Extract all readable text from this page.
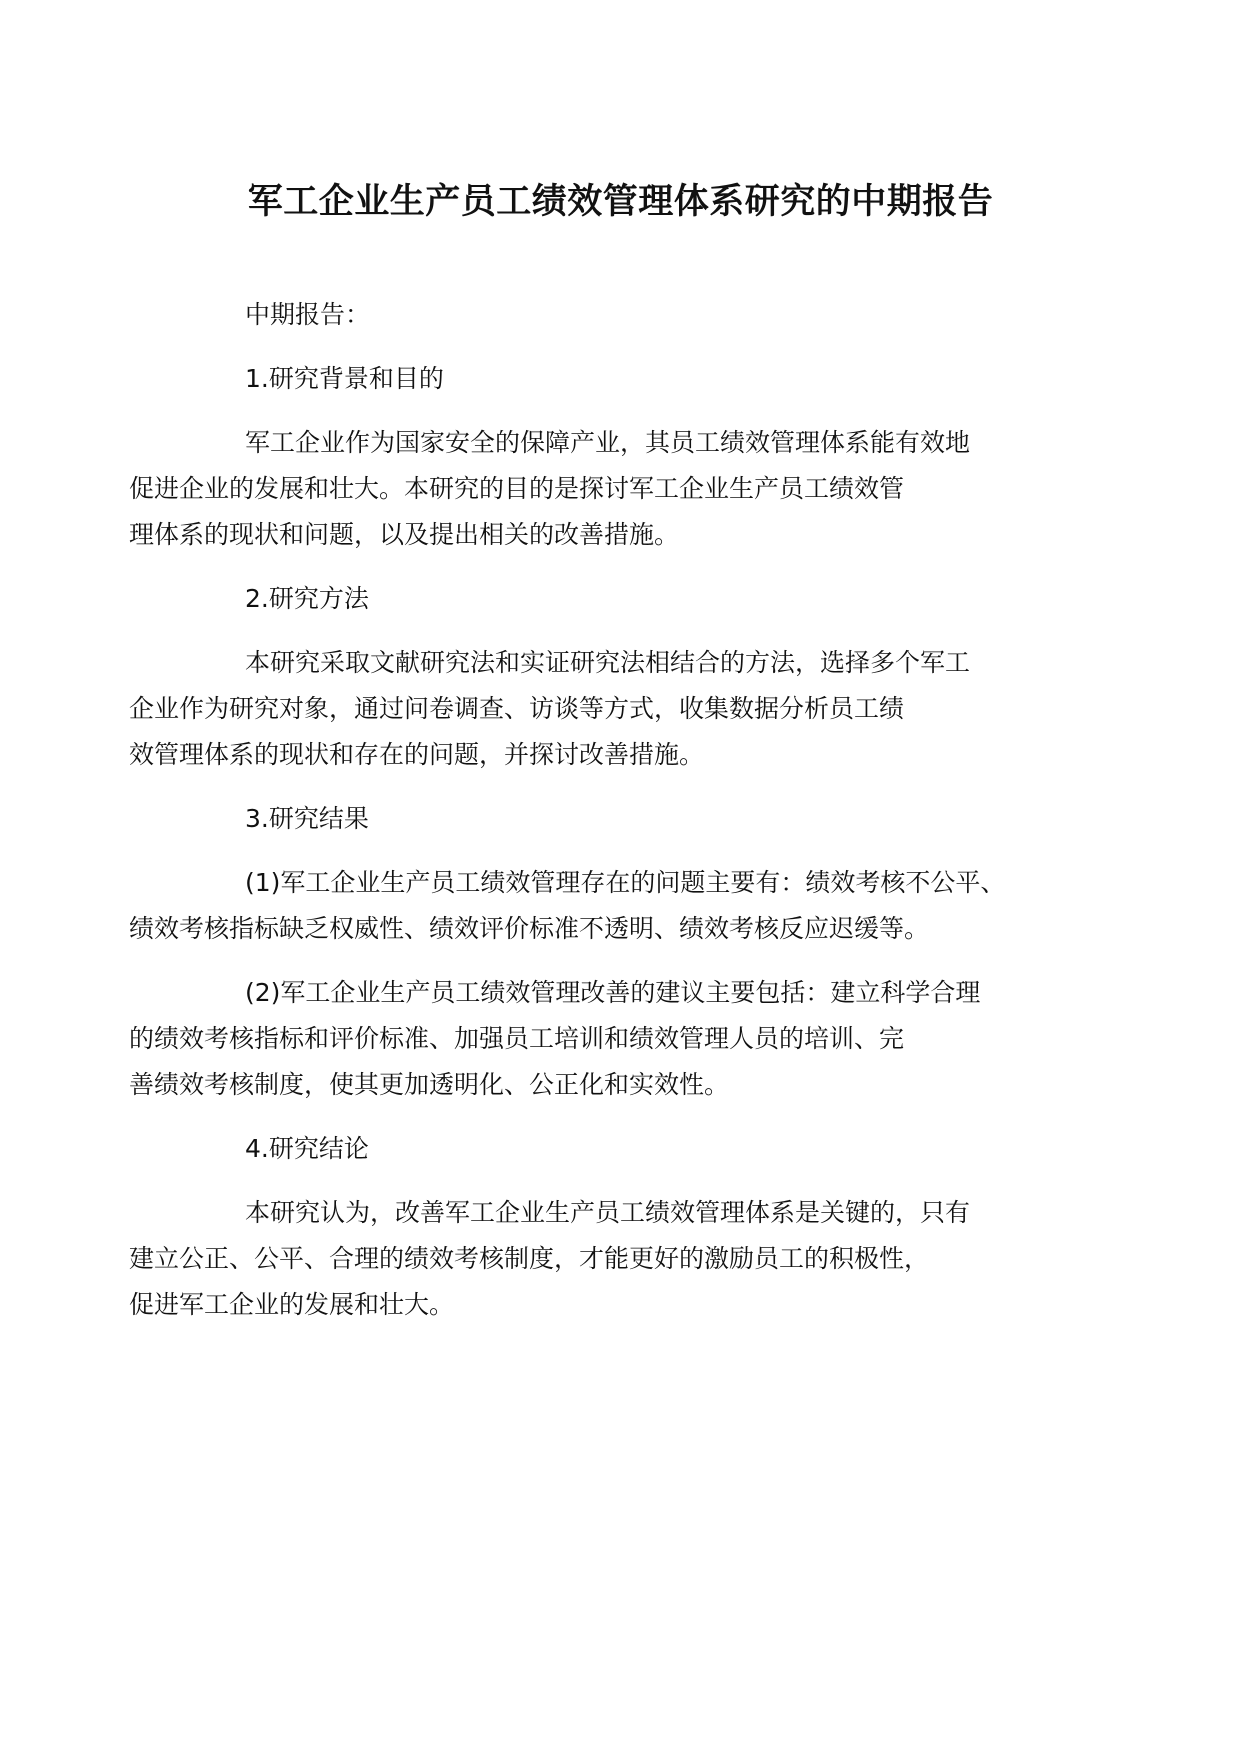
军工企业生产员工绩效管理体系研究的中期报告

中期报告：

1.研究背景和目的

军工企业作为国家安全的保障产业，其员工绩效管理体系能有效地
促进企业的发展和壮大。本研究的目的是探讨军工企业生产员工绩效管
理体系的现状和问题，以及提出相关的改善措施。

2.研究方法

本研究采取文献研究法和实证研究法相结合的方法，选择多个军工
企业作为研究对象，通过问卷调查、访谈等方式，收集数据分析员工绩
效管理体系的现状和存在的问题，并探讨改善措施。

3.研究结果

(1)军工企业生产员工绩效管理存在的问题主要有：绩效考核不公平、
绩效考核指标缺乏权威性、绩效评价标准不透明、绩效考核反应迟缓等。

(2)军工企业生产员工绩效管理改善的建议主要包括：建立科学合理
的绩效考核指标和评价标准、加强员工培训和绩效管理人员的培训、完
善绩效考核制度，使其更加透明化、公正化和实效性。

4.研究结论

本研究认为，改善军工企业生产员工绩效管理体系是关键的，只有
建立公正、公平、合理的绩效考核制度，才能更好的激励员工的积极性，
促进军工企业的发展和壮大。
